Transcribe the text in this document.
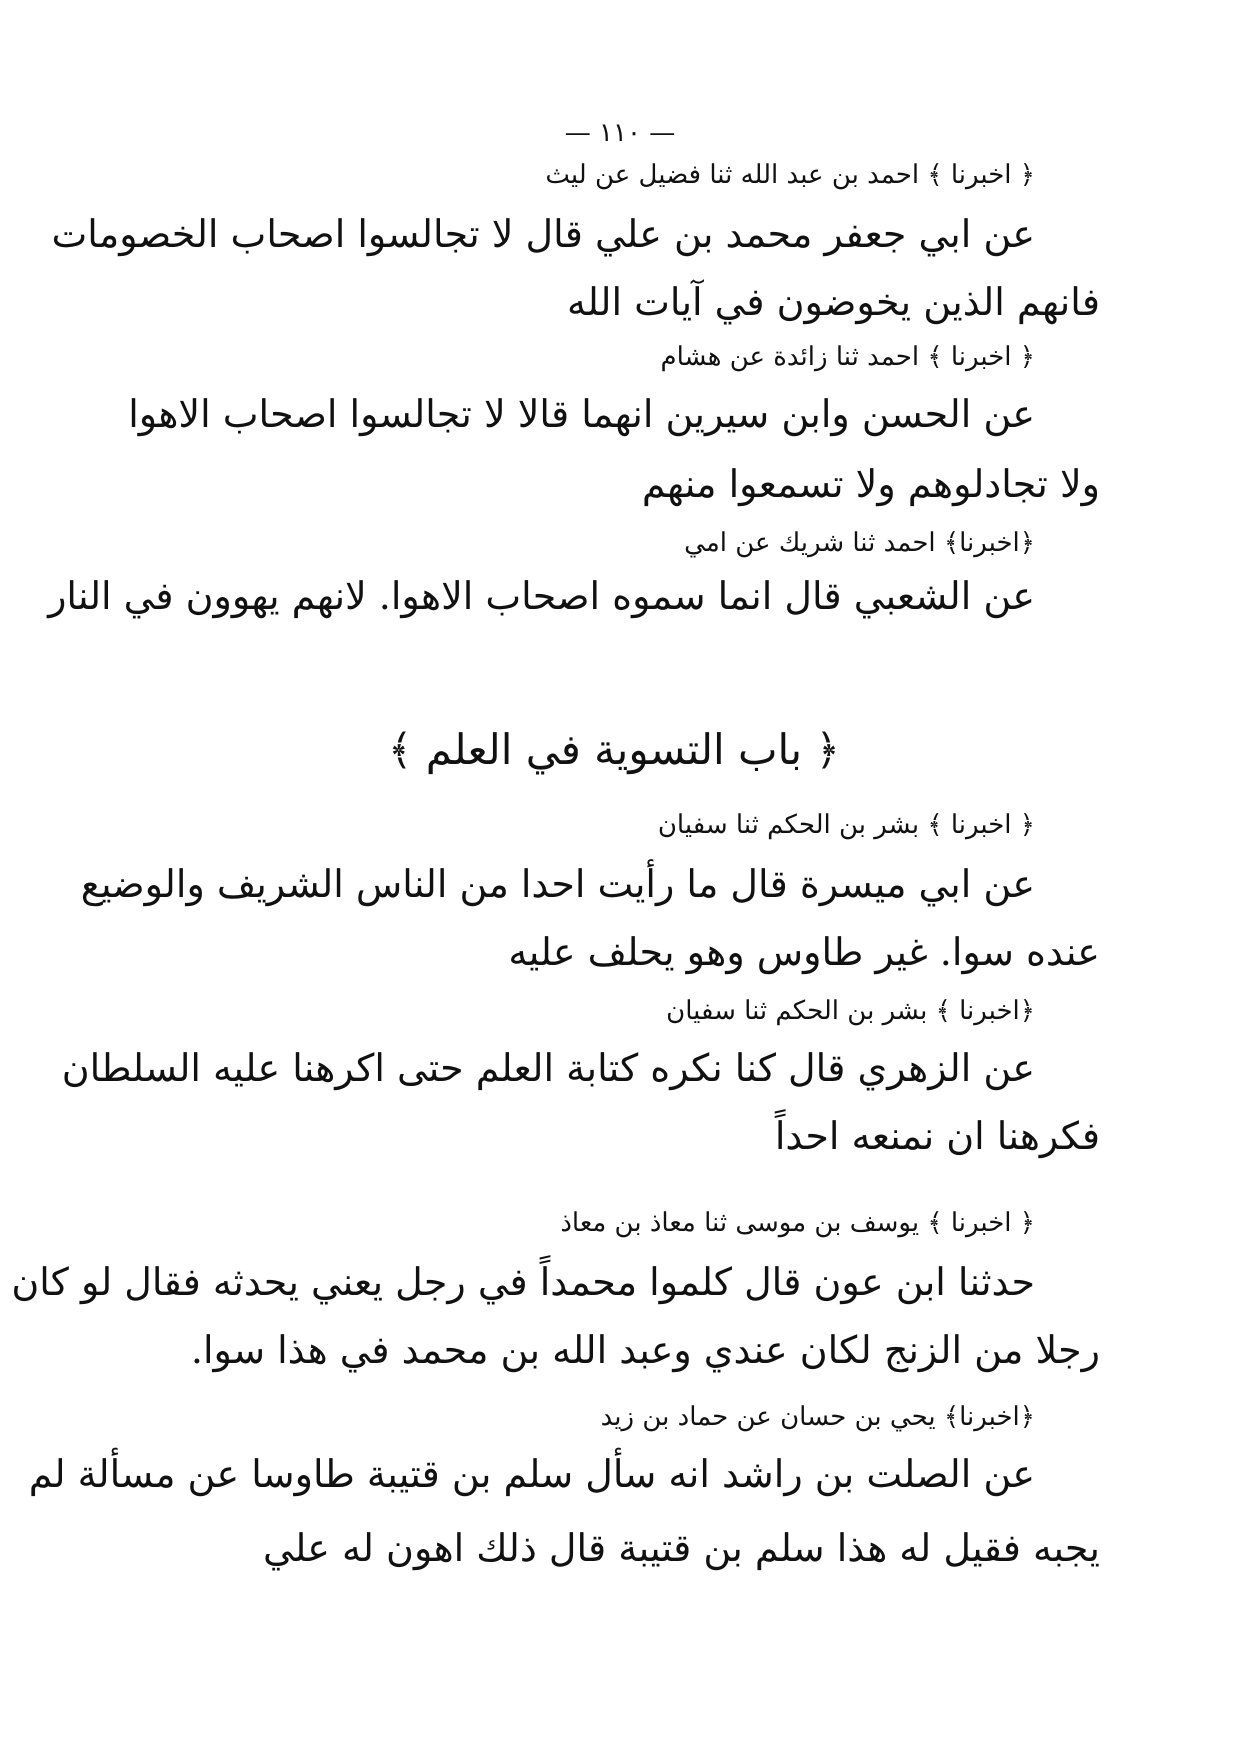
— ١١٠ —
﴿ اخبرنا ﴾ احمد بن عبد الله ثنا فضيل عن ليث
عن ابي جعفر محمد بن علي قال لا تجالسوا اصحاب الخصومات
فانهم الذين يخوضون في آيات الله
﴿ اخبرنا ﴾ احمد ثنا زائدة عن هشام
عن الحسن وابن سيرين انهما قالا لا تجالسوا اصحاب الاهوا
ولا تجادلوهم ولا تسمعوا منهم
﴿اخبرنا﴾ احمد ثنا شريك عن امي
عن الشعبي قال انما سموه اصحاب الاهوا. لانهم يهوون في النار
﴿ باب التسوية في العلم ﴾
﴿ اخبرنا ﴾ بشر بن الحكم ثنا سفيان
عن ابي ميسرة قال ما رأيت احدا من الناس الشريف والوضيع
عنده سوا. غير طاوس وهو يحلف عليه
﴿اخبرنا ﴾ بشر بن الحكم ثنا سفيان
عن الزهري قال كنا نكره كتابة العلم حتى اكرهنا عليه السلطان
فكرهنا ان نمنعه احداً
﴿ اخبرنا ﴾ يوسف بن موسى ثنا معاذ بن معاذ
حدثنا ابن عون قال كلموا محمداً في رجل يعني يحدثه فقال لو كان
رجلا من الزنج لكان عندي وعبد الله بن محمد في هذا سوا.
﴿اخبرنا﴾ يحي بن حسان عن حماد بن زيد
عن الصلت بن راشد انه سأل سلم بن قتيبة طاوسا عن مسألة لم
يجبه فقيل له هذا سلم بن قتيبة قال ذلك اهون له علي
